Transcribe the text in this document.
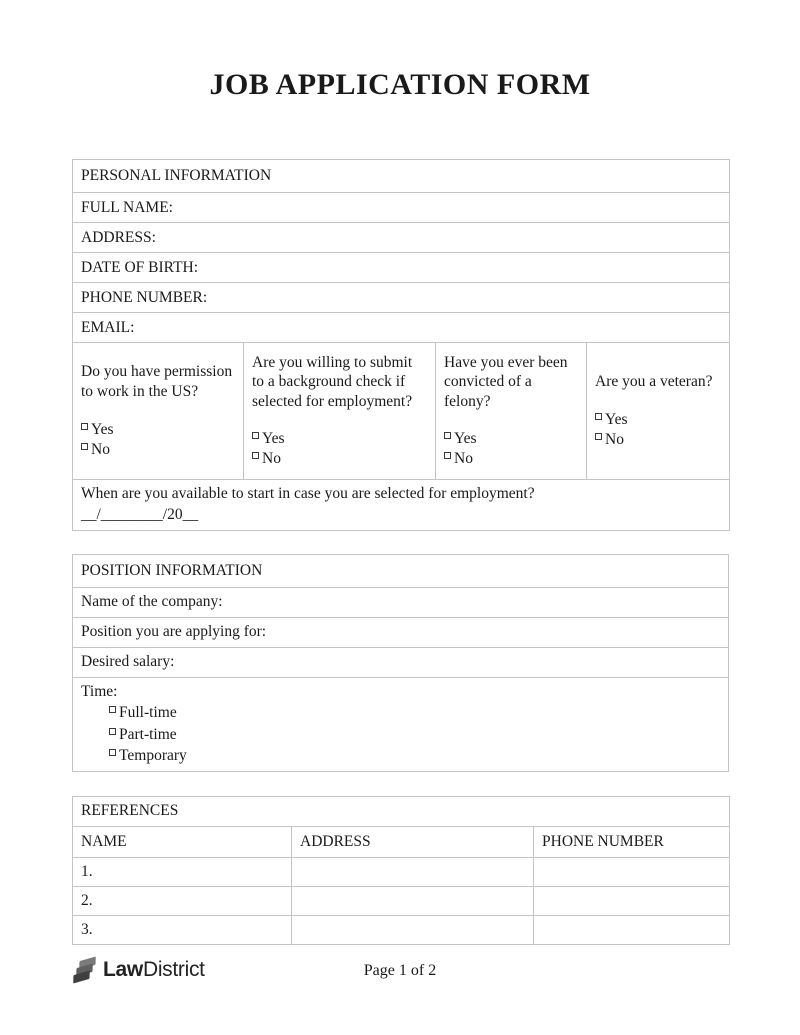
JOB APPLICATION FORM
PERSONAL INFORMATION
FULL NAME:
ADDRESS:
DATE OF BIRTH:
PHONE NUMBER:
EMAIL:

Do you have permission to work in the US?
Yes
No

Are you willing to submit to a background check if selected for employment?
Yes
No

Have you ever been convicted of a felony?
Yes
No

Are you a veteran?
Yes
No

When are you available to start in case you are selected for employment?
__/________/20__
POSITION INFORMATION
Name of the company:
Position you are applying for:
Desired salary:

Time:
Full-time
Part-time
Temporary
REFERENCES		
NAME	ADDRESS	PHONE NUMBER
1.		
2.		
3.		
LawDistrict	Page 1 of 2
